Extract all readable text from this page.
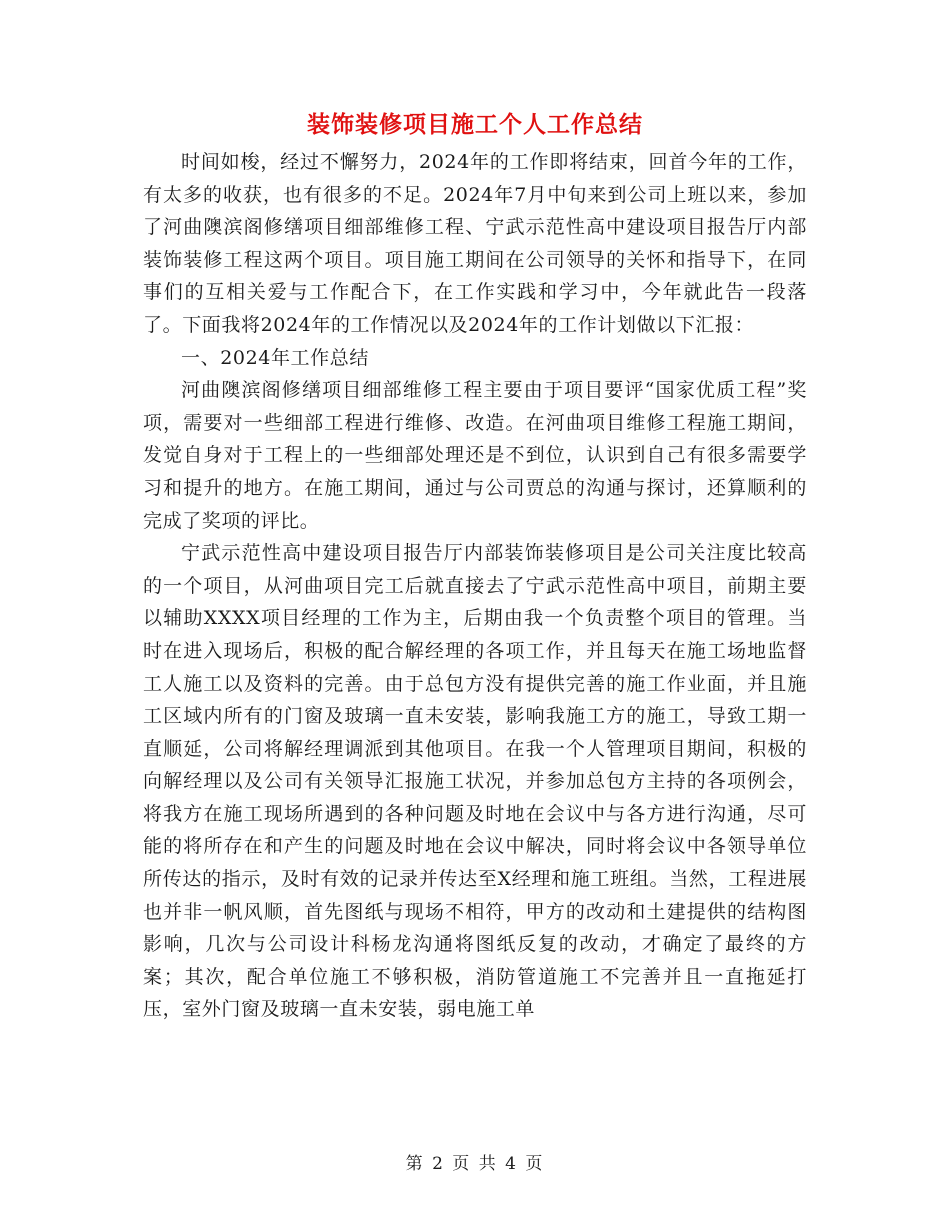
装饰装修项目施工个人工作总结

时间如梭，经过不懈努力，2024年的工作即将结束，回首今年的工作，有太多的收获，也有很多的不足。2024年7月中旬来到公司上班以来，参加了河曲隩滨阁修缮项目细部维修工程、宁武示范性高中建设项目报告厅内部装饰装修工程这两个项目。项目施工期间在公司领导的关怀和指导下，在同事们的互相关爱与工作配合下，在工作实践和学习中，今年就此告一段落了。下面我将2024年的工作情况以及2024年的工作计划做以下汇报：

一、2024年工作总结

河曲隩滨阁修缮项目细部维修工程主要由于项目要评“国家优质工程”奖项，需要对一些细部工程进行维修、改造。在河曲项目维修工程施工期间，发觉自身对于工程上的一些细部处理还是不到位，认识到自己有很多需要学习和提升的地方。在施工期间，通过与公司贾总的沟通与探讨，还算顺利的完成了奖项的评比。

宁武示范性高中建设项目报告厅内部装饰装修项目是公司关注度比较高的一个项目，从河曲项目完工后就直接去了宁武示范性高中项目，前期主要以辅助XXXX项目经理的工作为主，后期由我一个负责整个项目的管理。当时在进入现场后，积极的配合解经理的各项工作，并且每天在施工场地监督工人施工以及资料的完善。由于总包方没有提供完善的施工作业面，并且施工区域内所有的门窗及玻璃一直未安装，影响我施工方的施工，导致工期一直顺延，公司将解经理调派到其他项目。在我一个人管理项目期间，积极的向解经理以及公司有关领导汇报施工状况，并参加总包方主持的各项例会，将我方在施工现场所遇到的各种问题及时地在会议中与各方进行沟通，尽可能的将所存在和产生的问题及时地在会议中解决，同时将会议中各领导单位所传达的指示，及时有效的记录并传达至X经理和施工班组。当然，工程进展也并非一帆风顺，首先图纸与现场不相符，甲方的改动和土建提供的结构图影响，几次与公司设计科杨龙沟通将图纸反复的改动，才确定了最终的方案；其次，配合单位施工不够积极，消防管道施工不完善并且一直拖延打压，室外门窗及玻璃一直未安装，弱电施工单

第 2 页 共 4 页
